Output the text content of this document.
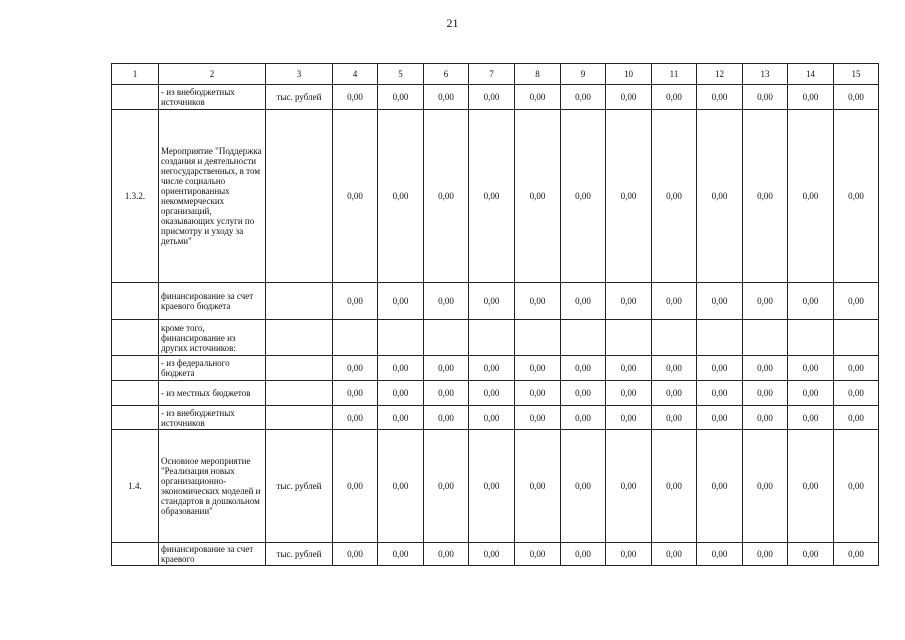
21
1	2	3	4	5	6	7	8	9	10	11	12	13	14	15
	- из внебюджетных источников	тыс. рублей	0,00	0,00	0,00	0,00	0,00	0,00	0,00	0,00	0,00	0,00	0,00	0,00
1.3.2.	Мероприятие "Поддержка создания и деятельности негосударственных, в том числе социально ориентированных некоммерческих организаций, оказывающих услуги по присмотру и уходу за детьми"		0,00	0,00	0,00	0,00	0,00	0,00	0,00	0,00	0,00	0,00	0,00	0,00
	финансирование за счет краевого бюджета		0,00	0,00	0,00	0,00	0,00	0,00	0,00	0,00	0,00	0,00	0,00	0,00
	кроме того, финансирование из других источников:													
	- из федерального бюджета		0,00	0,00	0,00	0,00	0,00	0,00	0,00	0,00	0,00	0,00	0,00	0,00
	- из местных бюджетов		0,00	0,00	0,00	0,00	0,00	0,00	0,00	0,00	0,00	0,00	0,00	0,00
	- из внебюджетных источников		0,00	0,00	0,00	0,00	0,00	0,00	0,00	0,00	0,00	0,00	0,00	0,00
1.4.	Основное мероприятие "Реализация новых организационно-экономических моделей и стандартов в дошкольном образовании"	тыс. рублей	0,00	0,00	0,00	0,00	0,00	0,00	0,00	0,00	0,00	0,00	0,00	0,00
	финансирование за счет краевого	тыс. рублей	0,00	0,00	0,00	0,00	0,00	0,00	0,00	0,00	0,00	0,00	0,00	0,00
